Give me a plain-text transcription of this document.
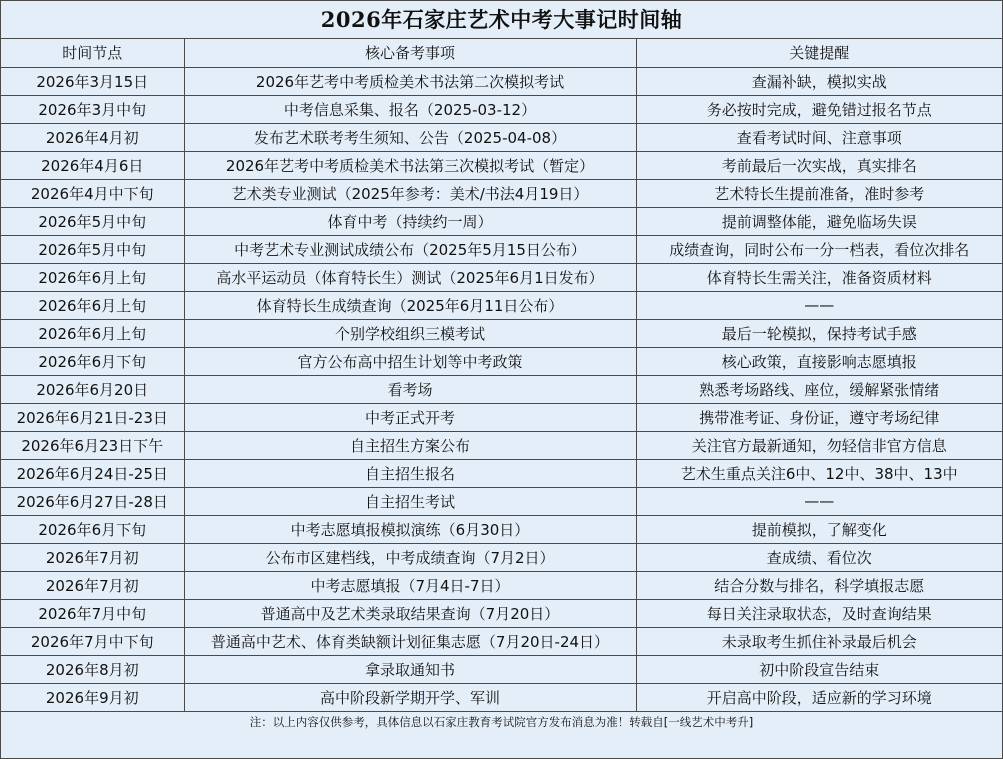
2026年石家庄艺术中考大事记时间轴
时间节点	核心备考事项	关键提醒
2026年3月15日	2026年艺考中考质检美术书法第二次模拟考试	查漏补缺，模拟实战
2026年3月中旬	中考信息采集、报名（2025-03-12）	务必按时完成，避免错过报名节点
2026年4月初	发布艺术联考考生须知、公告（2025-04-08）	查看考试时间、注意事项
2026年4月6日	2026年艺考中考质检美术书法第三次模拟考试（暂定）	考前最后一次实战，真实排名
2026年4月中下旬	艺术类专业测试（2025年参考：美术/书法4月19日）	艺术特长生提前准备，准时参考
2026年5月中旬	体育中考（持续约一周）	提前调整体能，避免临场失误
2026年5月中旬	中考艺术专业测试成绩公布（2025年5月15日公布）	成绩查询，同时公布一分一档表，看位次排名
2026年6月上旬	高水平运动员（体育特长生）测试（2025年6月1日发布）	体育特长生需关注，准备资质材料
2026年6月上旬	体育特长生成绩查询（2025年6月11日公布）	——
2026年6月上旬	个别学校组织三模考试	最后一轮模拟，保持考试手感
2026年6月下旬	官方公布高中招生计划等中考政策	核心政策，直接影响志愿填报
2026年6月20日	看考场	熟悉考场路线、座位，缓解紧张情绪
2026年6月21日-23日	中考正式开考	携带准考证、身份证，遵守考场纪律
2026年6月23日下午	自主招生方案公布	关注官方最新通知，勿轻信非官方信息
2026年6月24日-25日	自主招生报名	艺术生重点关注6中、12中、38中、13中
2026年6月27日-28日	自主招生考试	——
2026年6月下旬	中考志愿填报模拟演练（6月30日）	提前模拟，了解变化
2026年7月初	公布市区建档线，中考成绩查询（7月2日）	查成绩、看位次
2026年7月初	中考志愿填报（7月4日-7日）	结合分数与排名，科学填报志愿
2026年7月中旬	普通高中及艺术类录取结果查询（7月20日）	每日关注录取状态，及时查询结果
2026年7月中下旬	普通高中艺术、体育类缺额计划征集志愿（7月20日-24日）	未录取考生抓住补录最后机会
2026年8月初	拿录取通知书	初中阶段宣告结束
2026年9月初	高中阶段新学期开学、军训	开启高中阶段，适应新的学习环境
注：以上内容仅供参考，具体信息以石家庄教育考试院官方发布消息为准！转载自[一线艺术中考升]
